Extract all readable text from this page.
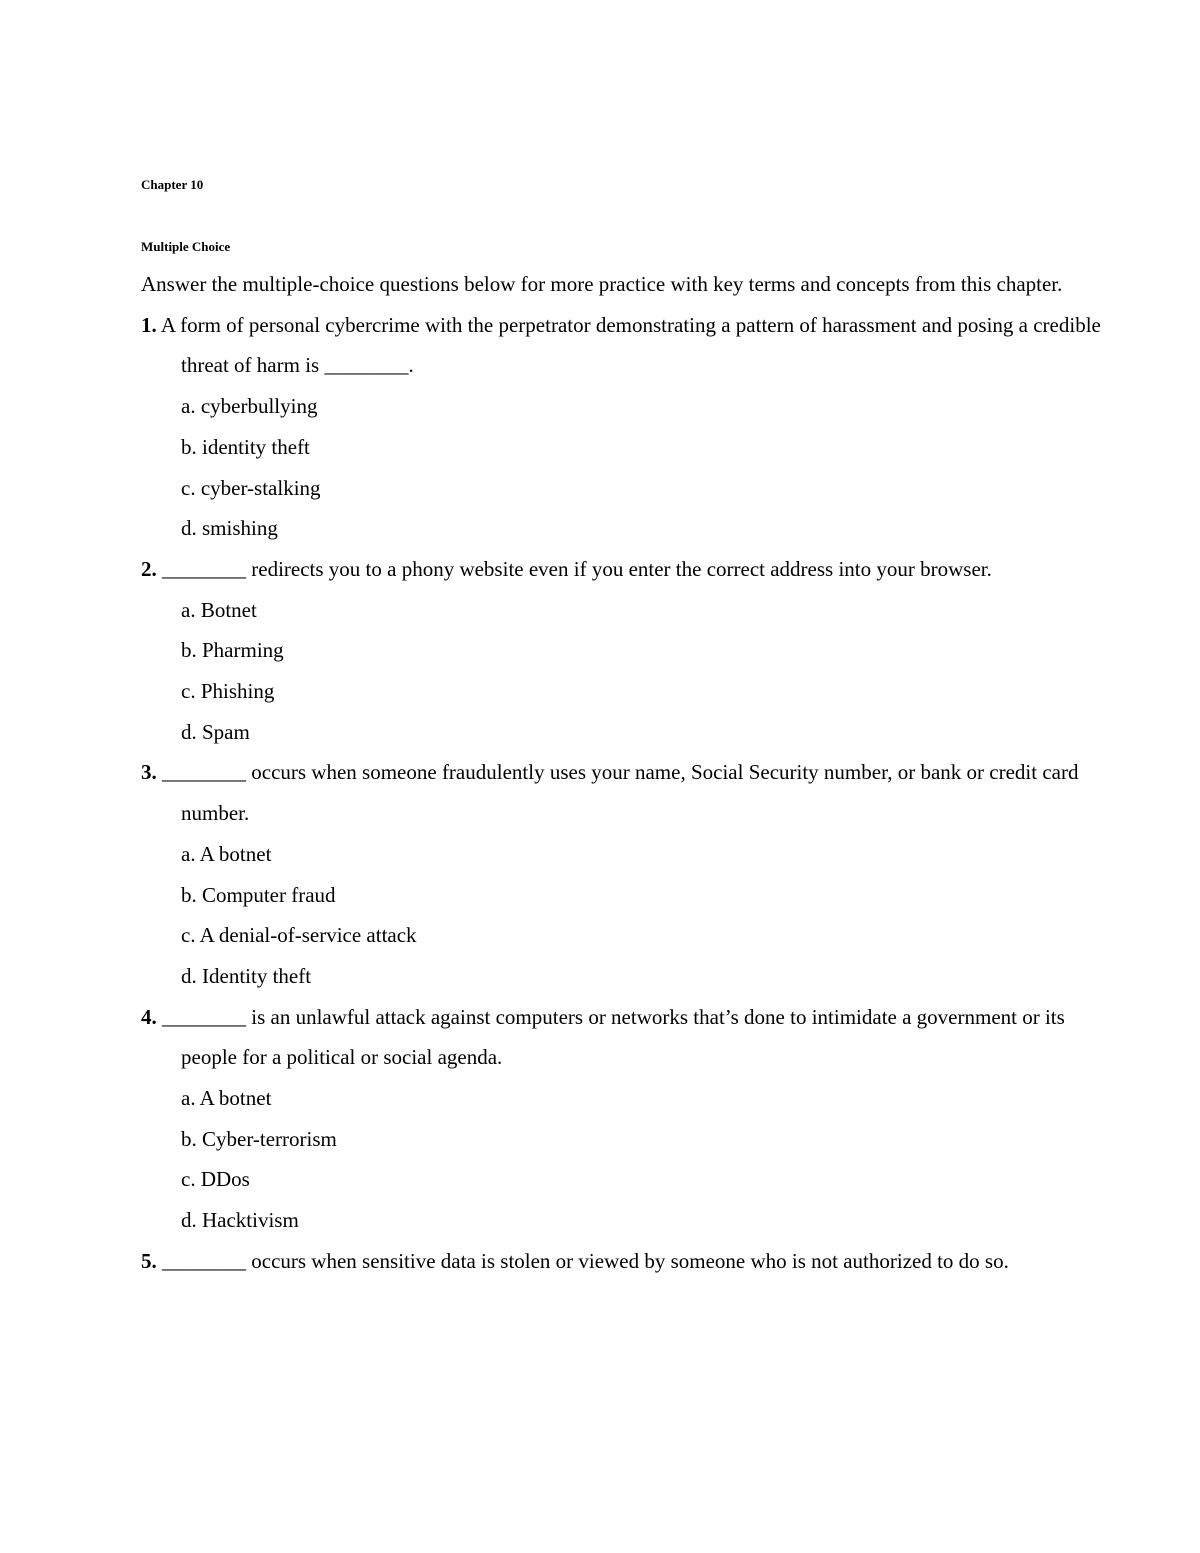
Chapter 10
Multiple Choice

Answer the multiple-choice questions below for more practice with key terms and concepts from this chapter.

1. A form of personal cybercrime with the perpetrator demonstrating a pattern of harassment and posing a credible threat of harm is ________.
a. cyberbullying
b. identity theft
c. cyber-stalking
d. smishing
2. ________ redirects you to a phony website even if you enter the correct address into your browser.
a. Botnet
b. Pharming
c. Phishing
d. Spam
3. ________ occurs when someone fraudulently uses your name, Social Security number, or bank or credit card number.
a. A botnet
b. Computer fraud
c. A denial-of-service attack
d. Identity theft
4. ________ is an unlawful attack against computers or networks that’s done to intimidate a government or its people for a political or social agenda.
a. A botnet
b. Cyber-terrorism
c. DDos
d. Hacktivism
5. ________ occurs when sensitive data is stolen or viewed by someone who is not authorized to do so.
